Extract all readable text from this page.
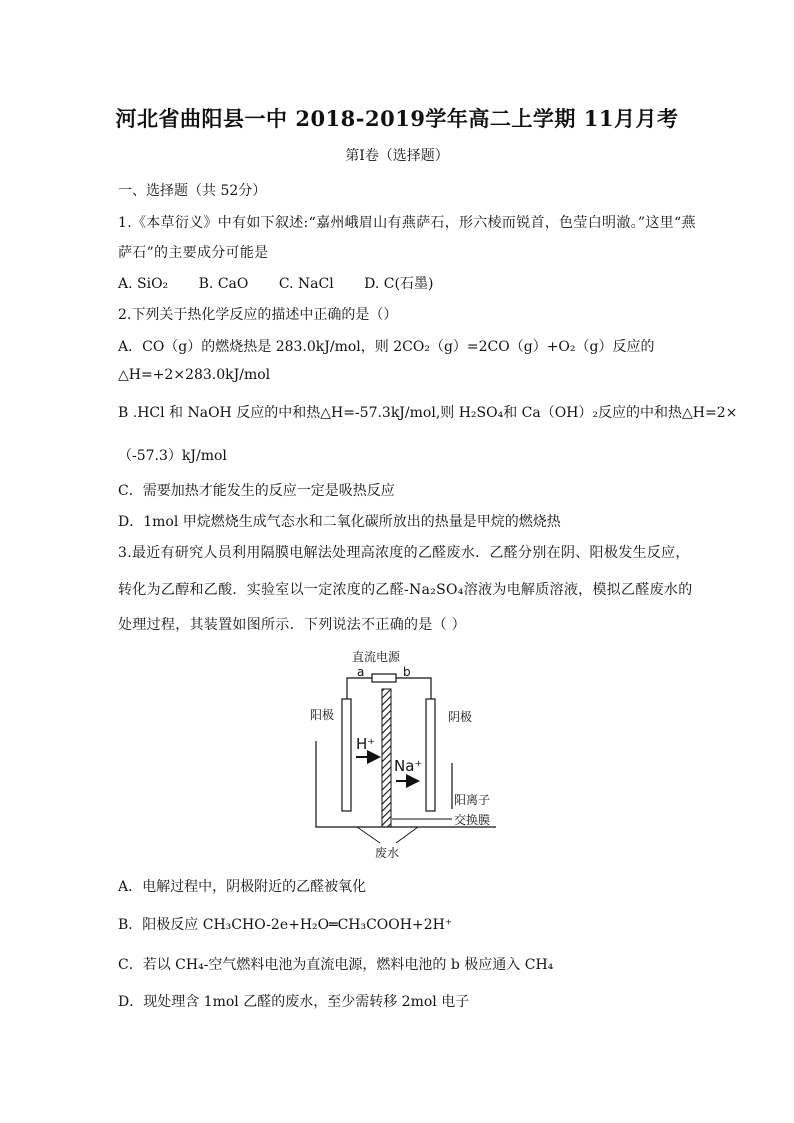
河北省曲阳县一中 2018-2019学年高二上学期 11月月考
第Ⅰ卷（选择题）
一、选择题（共 52分）
1.《本草衍义》中有如下叙述:“嘉州峨眉山有燕萨石，形六棱而锐首，色莹白明澈。”这里“燕
萨石”的主要成分可能是
A. SiO₂ B. CaO C. NaCl D. C(石墨)
2.下列关于热化学反应的描述中正确的是（）
A．CO（g）的燃烧热是 283.0kJ/mol，则 2CO₂（g）=2CO（g）+O₂（g）反应的
△H=+2×283.0kJ/mol
B .HCl 和 NaOH 反应的中和热△H=-57.3kJ/mol,则 H₂SO₄和 Ca（OH）₂反应的中和热△H=2×
（-57.3）kJ/mol
C．需要加热才能发生的反应一定是吸热反应
D．1mol 甲烷燃烧生成气态水和二氧化碳所放出的热量是甲烷的燃烧热
3.最近有研究人员利用隔膜电解法处理高浓度的乙醛废水．乙醛分别在阴、阳极发生反应，
转化为乙醇和乙酸．实验室以一定浓度的乙醛-Na₂SO₄溶液为电解质溶液，模拟乙醛废水的
处理过程，其装置如图所示．下列说法不正确的是（ ）
直流电源
a	b
阳极	阴极
H⁺
Na⁺
阳离子
交换膜
废水
A．电解过程中，阴极附近的乙醛被氧化
B．阳极反应 CH₃CHO-2e+H₂O═CH₃COOH+2H⁺
C．若以 CH₄-空气燃料电池为直流电源，燃料电池的 b 极应通入 CH₄
D．现处理含 1mol 乙醛的废水，至少需转移 2mol 电子
